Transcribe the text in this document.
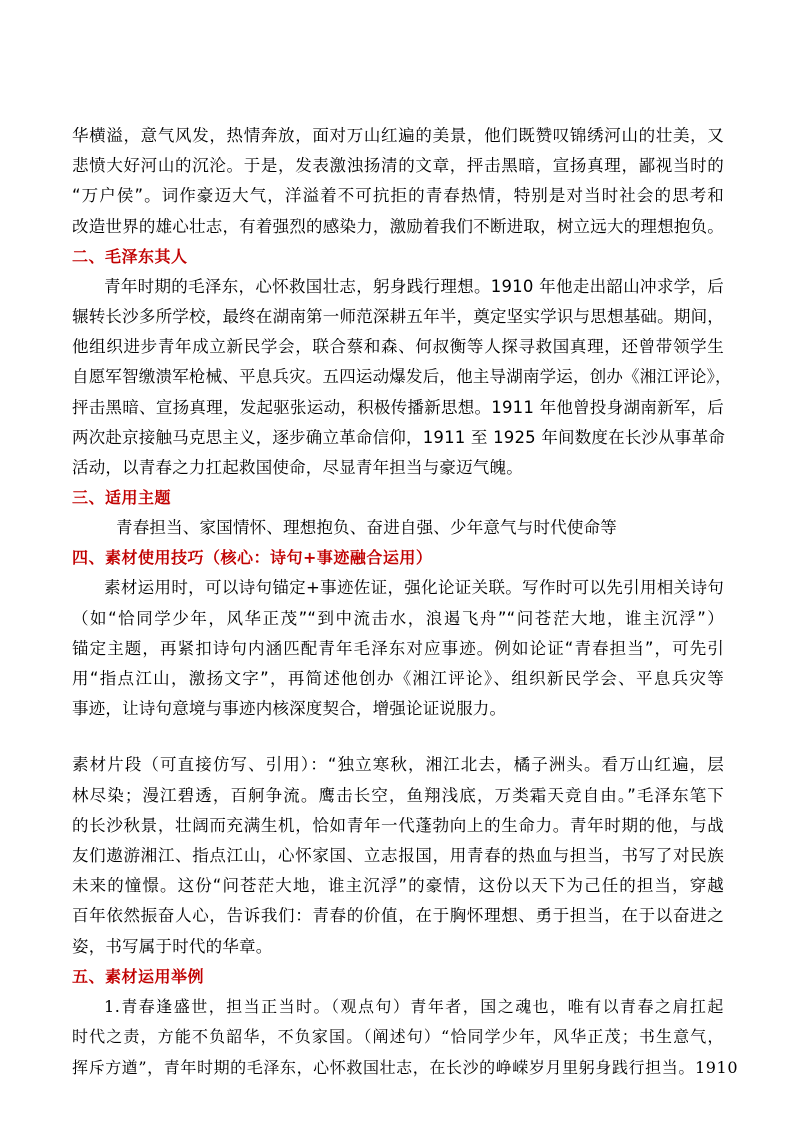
华横溢，意气风发，热情奔放，面对万山红遍的美景，他们既赞叹锦绣河山的壮美，又

悲愤大好河山的沉沦。于是，发表激浊扬清的文章，抨击黑暗，宣扬真理，鄙视当时的

“万户侯”。词作豪迈大气，洋溢着不可抗拒的青春热情，特别是对当时社会的思考和

改造世界的雄心壮志，有着强烈的感染力，激励着我们不断进取，树立远大的理想抱负。

二、毛泽东其人

青年时期的毛泽东，心怀救国壮志，躬身践行理想。1910 年他走出韶山冲求学，后

辗转长沙多所学校，最终在湖南第一师范深耕五年半，奠定坚实学识与思想基础。期间，

他组织进步青年成立新民学会，联合蔡和森、何叔衡等人探寻救国真理，还曾带领学生

自愿军智缴溃军枪械、平息兵灾。五四运动爆发后，他主导湖南学运，创办《湘江评论》，

抨击黑暗、宣扬真理，发起驱张运动，积极传播新思想。1911 年他曾投身湖南新军，后

两次赴京接触马克思主义，逐步确立革命信仰，1911 至 1925 年间数度在长沙从事革命

活动，以青春之力扛起救国使命，尽显青年担当与豪迈气魄。

三、适用主题

青春担当、家国情怀、理想抱负、奋进自强、少年意气与时代使命等

四、素材使用技巧（核心：诗句+事迹融合运用）

素材运用时，可以诗句锚定+事迹佐证，强化论证关联。写作时可以先引用相关诗句

（如“恰同学少年，风华正茂”“到中流击水，浪遏飞舟”“问苍茫大地，谁主沉浮”）

锚定主题，再紧扣诗句内涵匹配青年毛泽东对应事迹。例如论证“青春担当”，可先引

用“指点江山，激扬文字”，再简述他创办《湘江评论》、组织新民学会、平息兵灾等

事迹，让诗句意境与事迹内核深度契合，增强论证说服力。

素材片段（可直接仿写、引用）：“独立寒秋，湘江北去，橘子洲头。看万山红遍，层

林尽染；漫江碧透，百舸争流。鹰击长空，鱼翔浅底，万类霜天竞自由。”毛泽东笔下

的长沙秋景，壮阔而充满生机，恰如青年一代蓬勃向上的生命力。青年时期的他，与战

友们遨游湘江、指点江山，心怀家国、立志报国，用青春的热血与担当，书写了对民族

未来的憧憬。这份“问苍茫大地，谁主沉浮”的豪情，这份以天下为己任的担当，穿越

百年依然振奋人心，告诉我们：青春的价值，在于胸怀理想、勇于担当，在于以奋进之

姿，书写属于时代的华章。

五、素材运用举例

1.青春逢盛世，担当正当时。（观点句）青年者，国之魂也，唯有以青春之肩扛起

时代之责，方能不负韶华，不负家国。（阐述句）“恰同学少年，风华正茂；书生意气，

挥斥方遒”，青年时期的毛泽东，心怀救国壮志，在长沙的峥嵘岁月里躬身践行担当。1910
